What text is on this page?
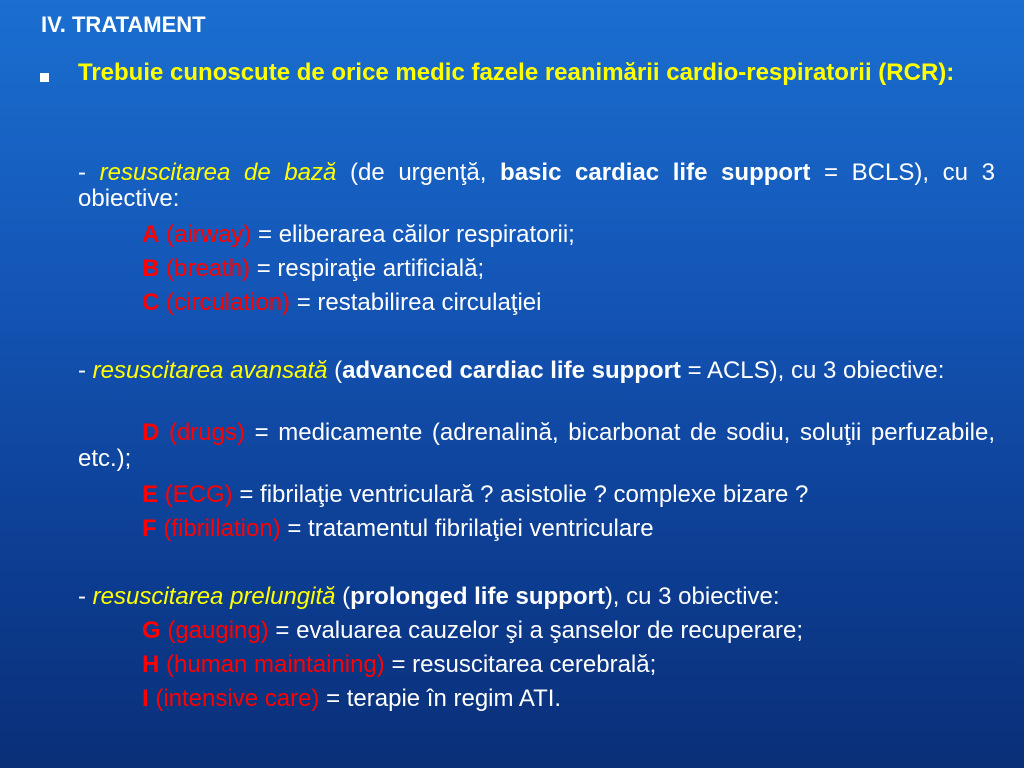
IV. TRATAMENT
Trebuie cunoscute de orice medic fazele reanimării cardio-respiratorii (RCR):
- resuscitarea de bază (de urgenţă, basic cardiac life support = BCLS), cu 3 obiective:
A (airway) = eliberarea căilor respiratorii;
B (breath) = respiraţie artificială;
C (circulation) = restabilirea circulaţiei
- resuscitarea avansată (advanced cardiac life support = ACLS), cu 3 obiective:
D (drugs) = medicamente (adrenalină, bicarbonat de sodiu, soluţii perfuzabile, etc.);
E (ECG) = fibrilaţie ventriculară ? asistolie ? complexe bizare ?
F (fibrillation) = tratamentul fibrilaţiei ventriculare
- resuscitarea prelungită (prolonged life support), cu 3 obiective:
G (gauging) = evaluarea cauzelor şi a şanselor de recuperare;
H (human maintaining) = resuscitarea cerebrală;
I (intensive care) = terapie în regim ATI.
